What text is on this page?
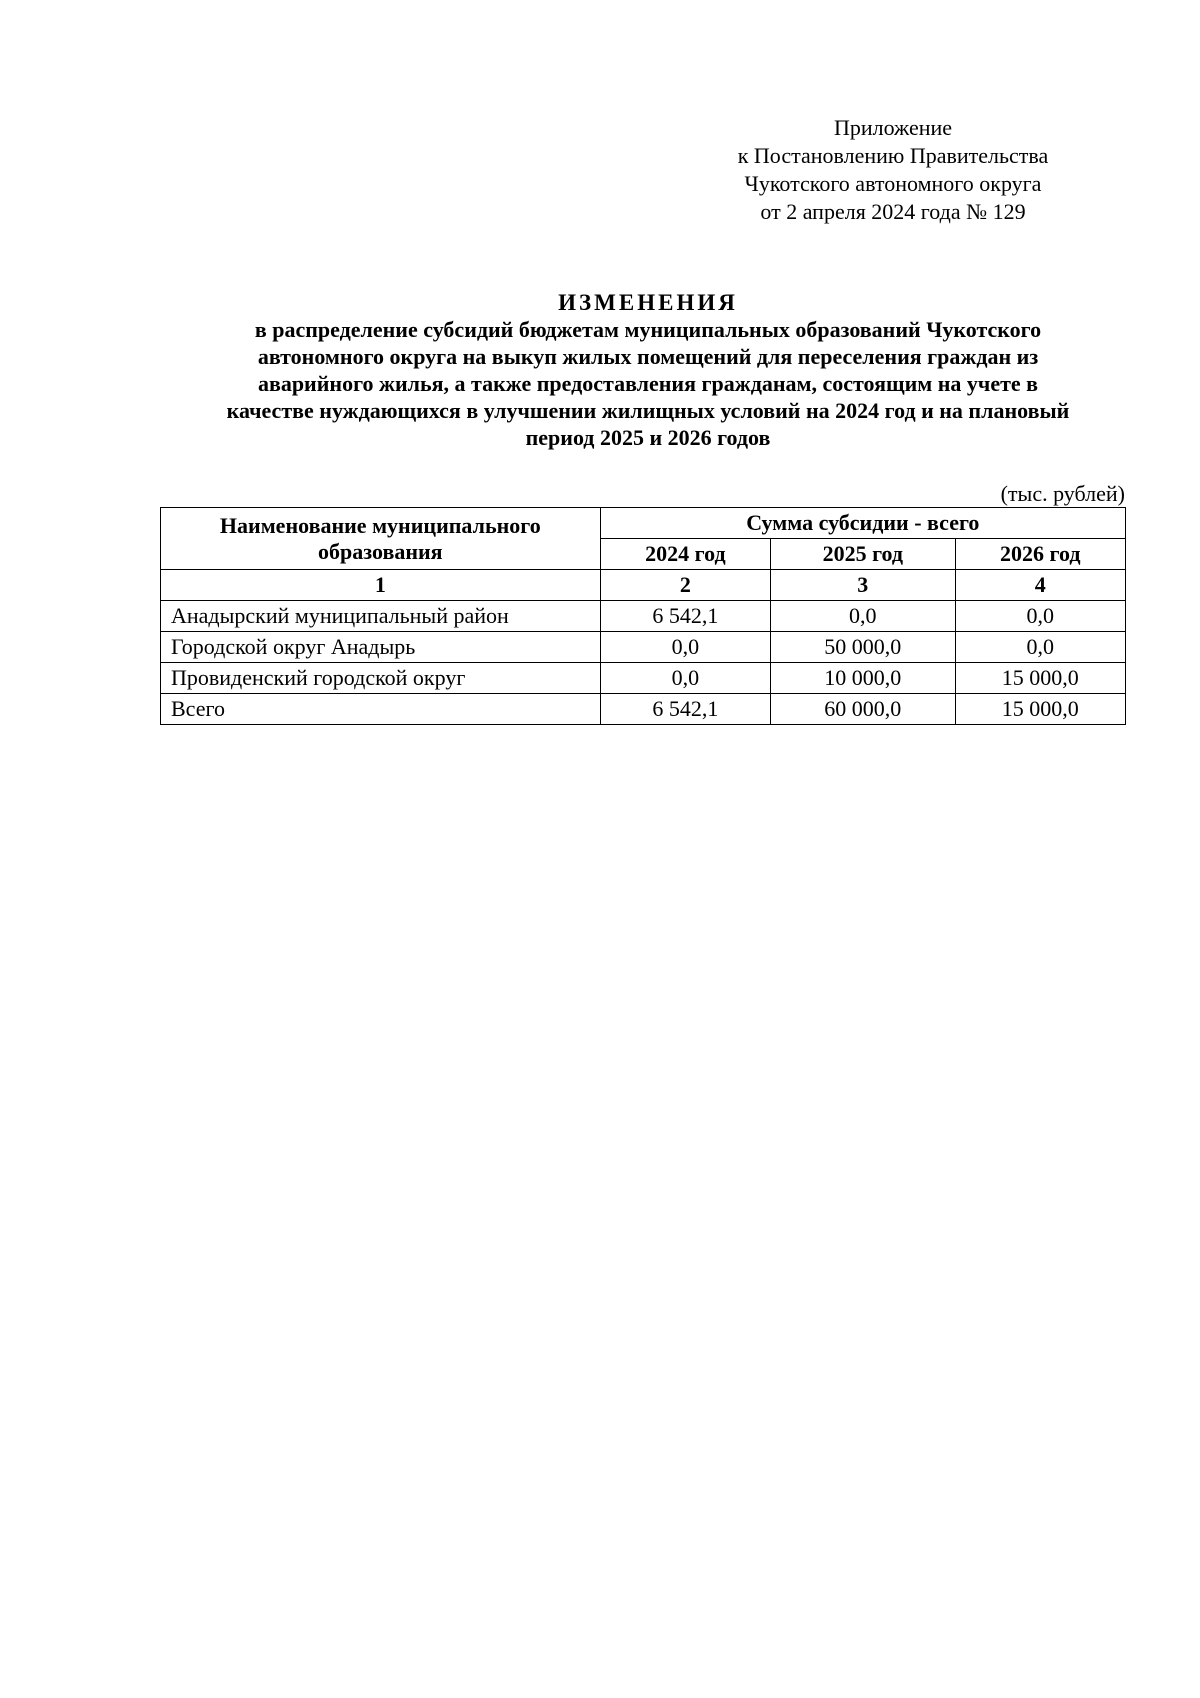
Приложение
к Постановлению Правительства
Чукотского автономного округа
от 2 апреля 2024 года № 129
ИЗМЕНЕНИЯ
в распределение субсидий бюджетам муниципальных образований Чукотского
автономного округа на выкуп жилых помещений для переселения граждан из
аварийного жилья, а также предоставления гражданам, состоящим на учете в
качестве нуждающихся в улучшении жилищных условий на 2024 год и на плановый
период 2025 и 2026 годов
(тыс. рублей)
Наименование муниципального образования	Сумма субсидии - всего		
	2024 год	2025 год	2026 год
1	2	3	4
Анадырский муниципальный район	6 542,1	0,0	0,0
Городской округ Анадырь	0,0	50 000,0	0,0
Провиденский городской округ	0,0	10 000,0	15 000,0
Всего	6 542,1	60 000,0	15 000,0
